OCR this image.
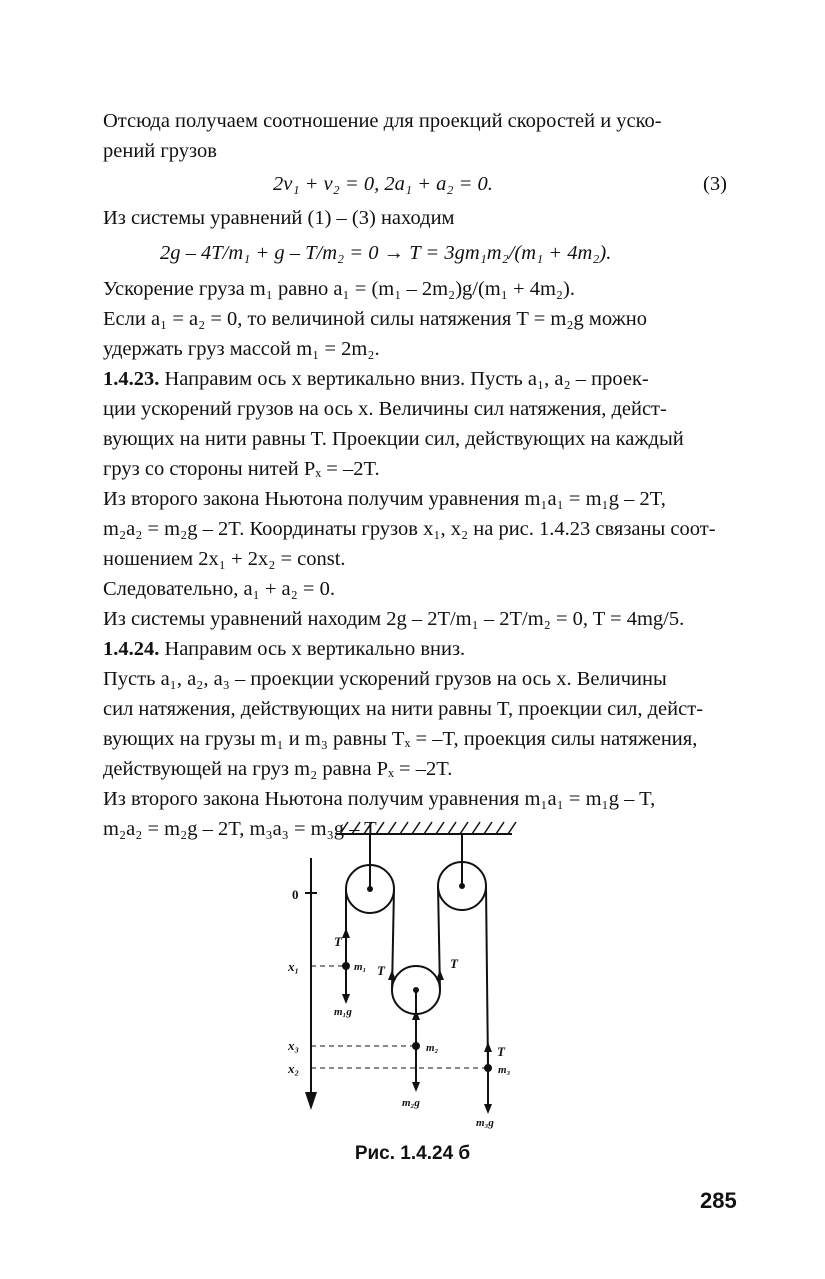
Отсюда получаем соотношение для проекций скоростей и уско-
рений грузов
2v₁ + v₂ = 0, 2a₁ + a₂ = 0.	(3)
Из системы уравнений (1) – (3) находим
2g – 4T/m₁ + g – T/m₂ = 0 → T = 3gm₁m₂/(m₁ + 4m₂).
Ускорение груза m₁ равно a₁ = (m₁ – 2m₂)g/(m₁ + 4m₂).
Если a₁ = a₂ = 0, то величиной силы натяжения T = m₂g можно
удержать груз массой m₁ = 2m₂.
1.4.23. Направим ось x вертикально вниз. Пусть a₁, a₂ – проек-
ции ускорений грузов на ось x. Величины сил натяжения, дейст-
вующих на нити равны T. Проекции сил, действующих на каждый
груз со стороны нитей Pₓ = –2T.
Из второго закона Ньютона получим уравнения m₁a₁ = m₁g – 2T,
m₂a₂ = m₂g – 2T. Координаты грузов x₁, x₂ на рис. 1.4.23 связаны соот-
ношением 2x₁ + 2x₂ = const.
Следовательно, a₁ + a₂ = 0.
Из системы уравнений находим 2g – 2T/m₁ – 2T/m₂ = 0, T = 4mg/5.
1.4.24. Направим ось x вертикально вниз.
Пусть a₁, a₂, a₃ – проекции ускорений грузов на ось x. Величины
сил натяжения, действующих на нити равны T, проекции сил, дейст-
вующих на грузы m₁ и m₃ равны Tₓ = –T, проекция силы натяжения,
действующей на груз m₂ равна Pₓ = –2T.
Из второго закона Ньютона получим уравнения m₁a₁ = m₁g – T,
m₂a₂ = m₂g – 2T, m₃a₃ = m₃g – T.
0
x₁
x₃
x₂
T
m₁
m₁g
T	T
m₂
m₂g
T
m₃
m₃g
Рис. 1.4.24 б
285
